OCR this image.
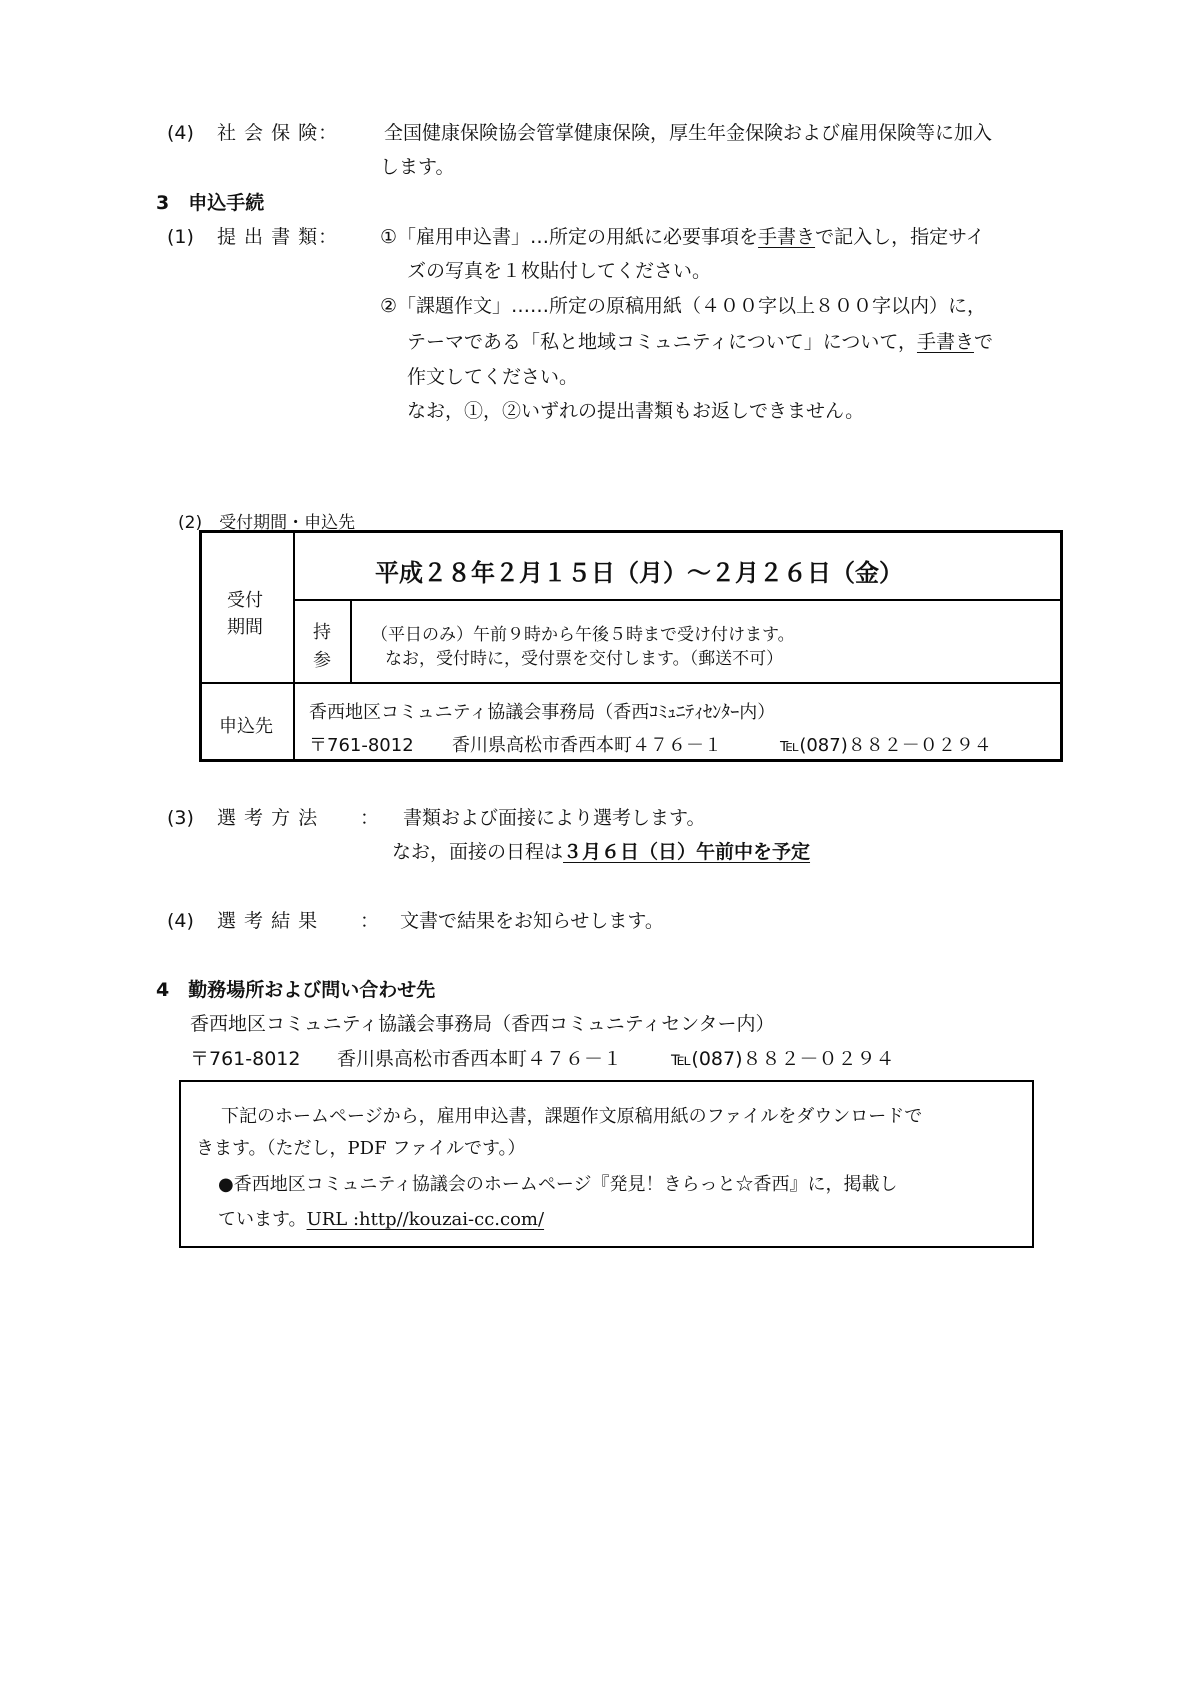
(4) 社 会 保 険： 全国健康保険協会管掌健康保険，厚生年金保険および雇用保険等に加入
します。
3　申込手続
(1) 提 出 書 類： ①「雇用申込書」…所定の用紙に必要事項を手書きで記入し，指定サイ
ズの写真を１枚貼付してください。
②「課題作文」……所定の原稿用紙（４００字以上８００字以内）に，
テーマである「私と地域コミュニティについて」について，手書きで
作文してください。
なお，①，②いずれの提出書類もお返しできません。
(2)　受付期間・申込先
受付
期間
平成２８年２月１５日（月）～２月２６日（金）
持
参
（平日のみ）午前９時から午後５時まで受け付けます。
なお，受付時に，受付票を交付します。（郵送不可）
申込先
香西地区コミュニティ協議会事務局（香西ｺﾐｭﾆﾃｨｾﾝﾀｰ内）
〒761-8012 香川県高松市香西本町４７６－１	℡(087)８８２－０２９４
(3) 選 考 方 法 ： 書類および面接により選考します。
なお，面接の日程は３月６日（日）午前中を予定
(4) 選 考 結 果 ： 文書で結果をお知らせします。
4　勤務場所および問い合わせ先
香西地区コミュニティ協議会事務局（香西コミュニティセンター内）
〒761-8012 香川県高松市香西本町４７６－１	℡(087)８８２－０２９４
下記のホームページから，雇用申込書，課題作文原稿用紙のファイルをダウンロードで
きます。（ただし，PDF ファイルです。）
●香西地区コミュニティ協議会のホームページ『発見！きらっと☆香西』に，掲載し
ています。URL :http//kouzai-cc.com/
